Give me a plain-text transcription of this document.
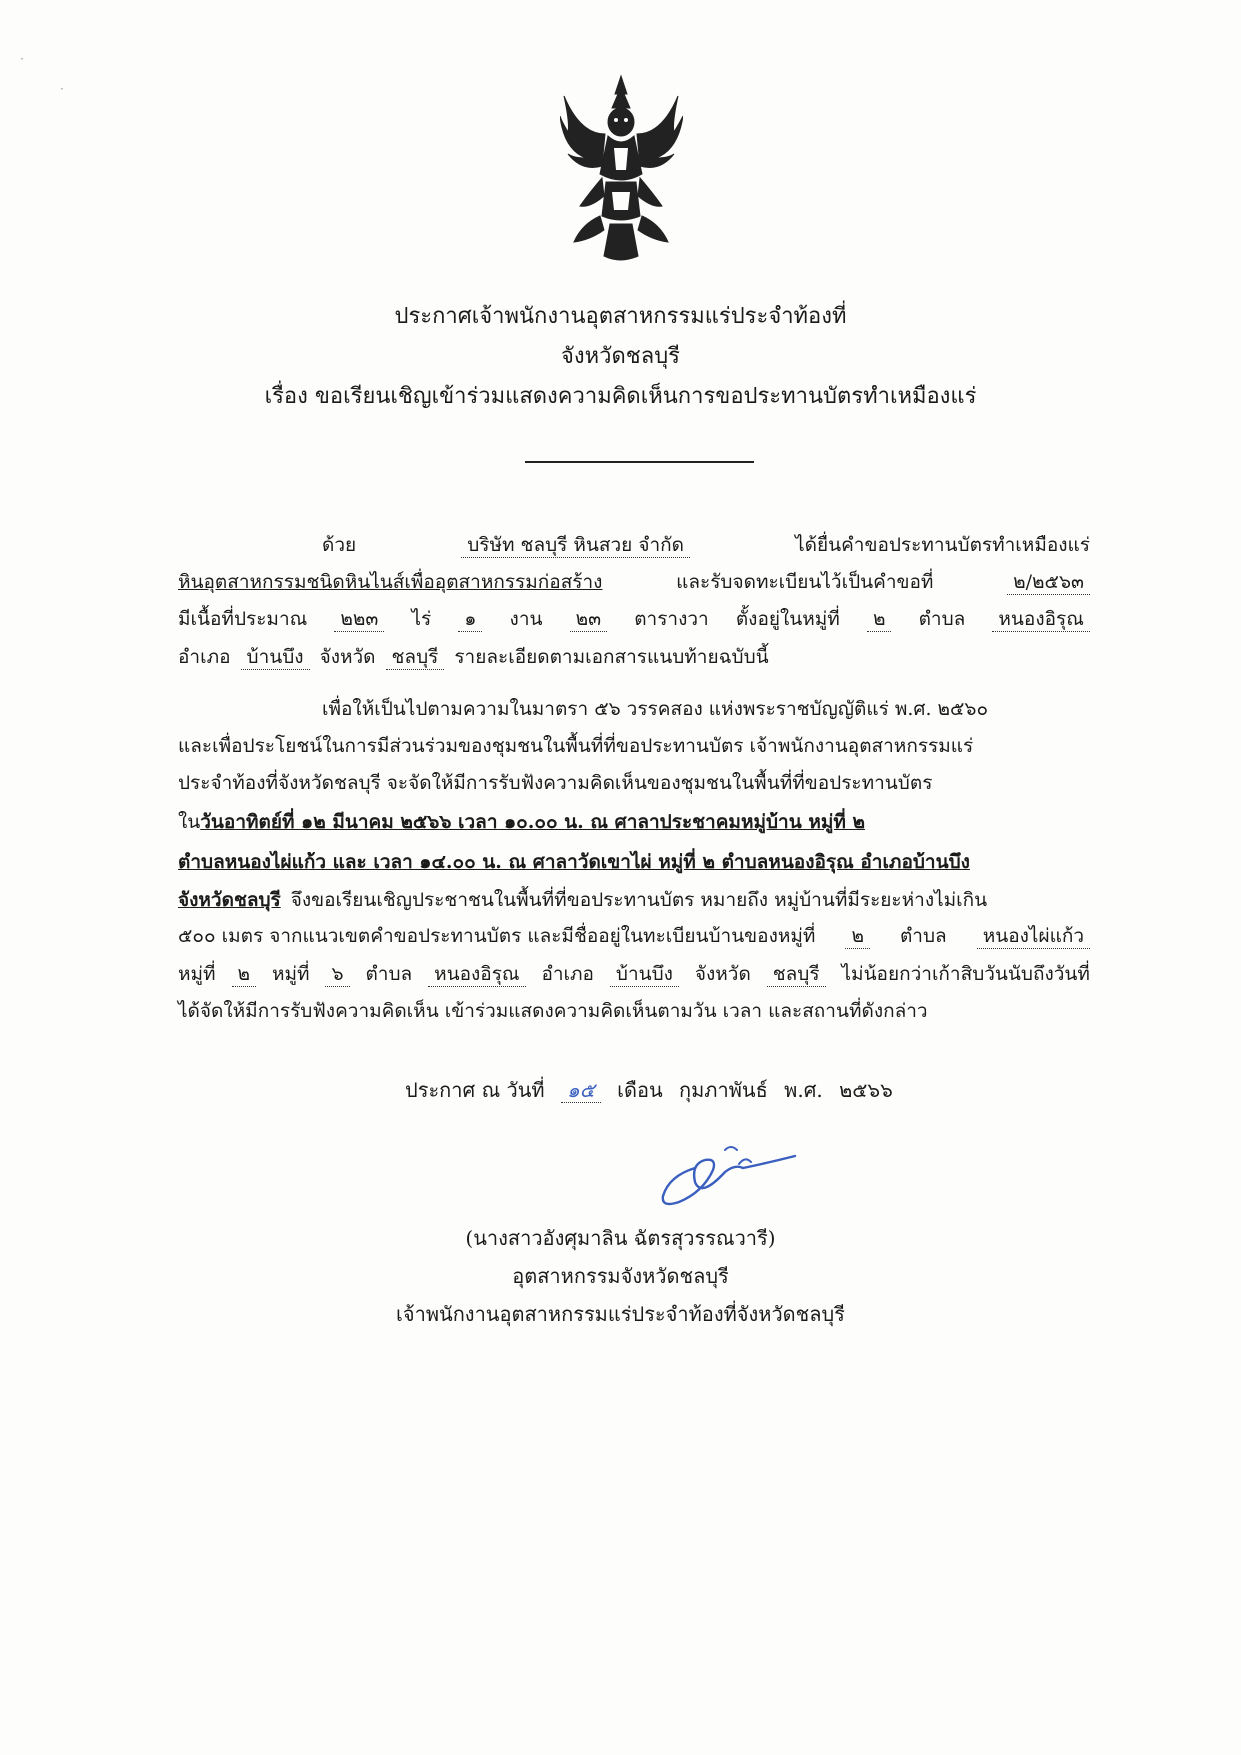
·
·
ประกาศเจ้าพนักงานอุตสาหกรรมแร่ประจำท้องที่
จังหวัดชลบุรี
เรื่อง ขอเรียนเชิญเข้าร่วมแสดงความคิดเห็นการขอประทานบัตรทำเหมืองแร่
ด้วย	บริษัท ชลบุรี หินสวย จำกัด	ได้ยื่นคำขอประทานบัตรทำเหมืองแร่
หินอุตสาหกรรมชนิดหินไนส์เพื่ออุตสาหกรรมก่อสร้าง	และรับจดทะเบียนไว้เป็นคำขอที่	๒/๒๕๖๓
มีเนื้อที่ประมาณ	๒๒๓	ไร่	๑	งาน	๒๓	ตารางวา ตั้งอยู่ในหมู่ที่	๒	ตำบล	หนองอิรุณ
อำเภอ บ้านบึง จังหวัด ชลบุรี รายละเอียดตามเอกสารแนบท้ายฉบับนี้
เพื่อให้เป็นไปตามความในมาตรา ๕๖ วรรคสอง แห่งพระราชบัญญัติแร่ พ.ศ. ๒๕๖๐
และเพื่อประโยชน์ในการมีส่วนร่วมของชุมชนในพื้นที่ที่ขอประทานบัตร เจ้าพนักงานอุตสาหกรรมแร่
ประจำท้องที่จังหวัดชลบุรี จะจัดให้มีการรับฟังความคิดเห็นของชุมชนในพื้นที่ที่ขอประทานบัตร
ใน วันอาทิตย์ที่ ๑๒ มีนาคม ๒๕๖๖ เวลา ๑๐.๐๐ น. ณ ศาลาประชาคมหมู่บ้าน หมู่ที่ ๒
ตำบลหนองไผ่แก้ว และ เวลา ๑๔.๐๐ น. ณ ศาลาวัดเขาไผ่ หมู่ที่ ๒ ตำบลหนองอิรุณ อำเภอบ้านบึง
จังหวัดชลบุรี จึงขอเรียนเชิญประชาชนในพื้นที่ที่ขอประทานบัตร หมายถึง หมู่บ้านที่มีระยะห่างไม่เกิน
๕๐๐ เมตร จากแนวเขตคำขอประทานบัตร และมีชื่ออยู่ในทะเบียนบ้านของหมู่ที่	๒	ตำบล	หนองไผ่แก้ว
หมู่ที่	๒	หมู่ที่	๖	ตำบล	หนองอิรุณ	อำเภอ	บ้านบึง	จังหวัด	ชลบุรี	ไม่น้อยกว่าเก้าสิบวันนับถึงวันที่
ได้จัดให้มีการรับฟังความคิดเห็น เข้าร่วมแสดงความคิดเห็นตามวัน เวลา และสถานที่ดังกล่าว
ประกาศ ณ วันที่ ๑๕ เดือน กุมภาพันธ์ พ.ศ. ๒๕๖๖
(นางสาวอังศุมาลิน ฉัตรสุวรรณวารี)
อุตสาหกรรมจังหวัดชลบุรี
เจ้าพนักงานอุตสาหกรรมแร่ประจำท้องที่จังหวัดชลบุรี
